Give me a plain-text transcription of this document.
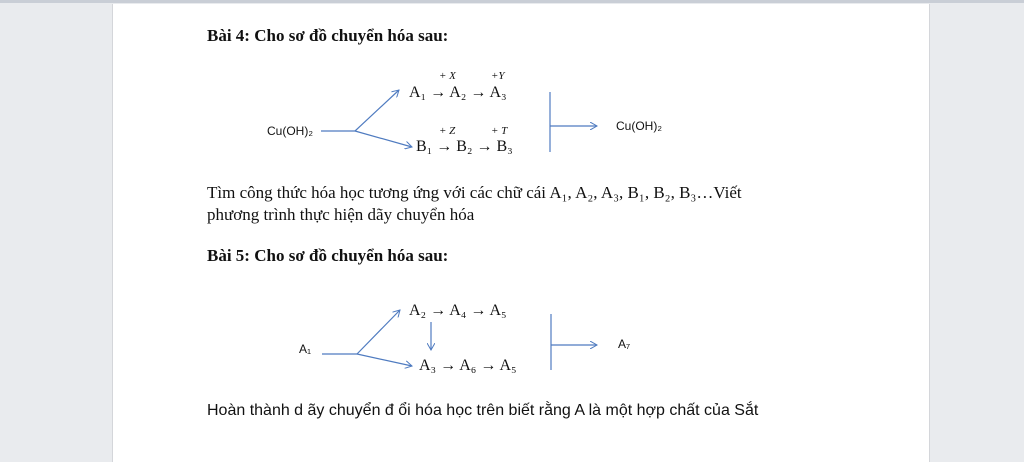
Bài 4: Cho sơ đồ chuyển hóa sau:
Cu(OH)₂
+ X	+Y
A₁ → A₂ → A₃
+ Z	+ T
B₁ → B₂ → B₃
Cu(OH)₂
Tìm công thức hóa học tương ứng với các chữ cái A₁, A₂, A₃, B₁, B₂, B₃…Viết
phương trình thực hiện dãy chuyển hóa
Bài 5: Cho sơ đồ chuyển hóa sau:
A₁
A₂ → A₄ → A₅
A₃ → A₆ → A₅
A₇
Hoàn thành d ãy chuyển đ ổi hóa học trên biết rằng A là một hợp chất của Sắt
